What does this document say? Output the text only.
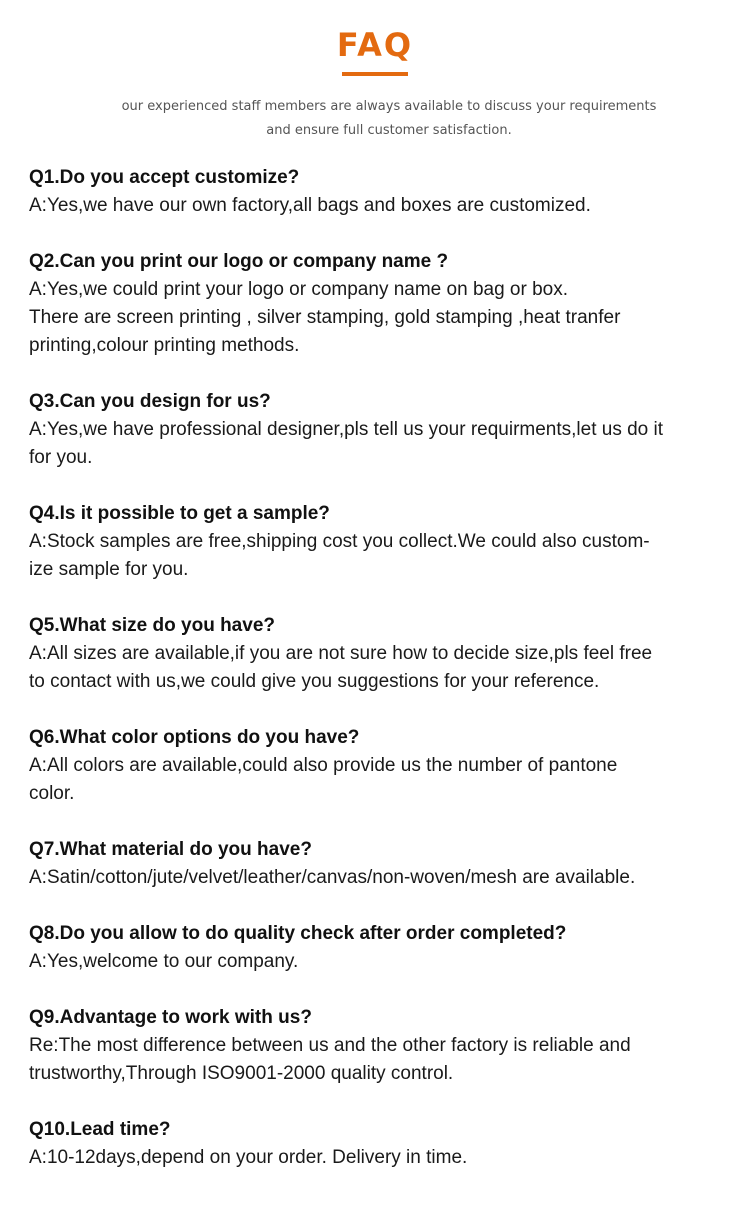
FAQ
our experienced staff members are always available to discuss your requirements
and ensure full customer satisfaction.

Q1.Do you accept customize?

A:Yes,we have our own factory,all bags and boxes are customized.

Q2.Can you print our logo or company name ?

A:Yes,we could print your logo or company name on bag or box.

There are screen printing , silver stamping, gold stamping ,heat tranfer

printing,colour printing methods.

Q3.Can you design for us?

A:Yes,we have professional designer,pls tell us your requirments,let us do it

for you.

Q4.Is it possible to get a sample?

A:Stock samples are free,shipping cost you collect.We could also custom-

ize sample for you.

Q5.What size do you have?

A:All sizes are available,if you are not sure how to decide size,pls feel free

to contact with us,we could give you suggestions for your reference.

Q6.What color options do you have?

A:All colors are available,could also provide us the number of pantone

color.

Q7.What material do you have?

A:Satin/cotton/jute/velvet/leather/canvas/non-woven/mesh are available.

Q8.Do you allow to do quality check after order completed?

A:Yes,welcome to our company.

Q9.Advantage to work with us?

Re:The most difference between us and the other factory is reliable and

trustworthy,Through ISO9001-2000 quality control.

Q10.Lead time?

A:10-12days,depend on your order. Delivery in time.
